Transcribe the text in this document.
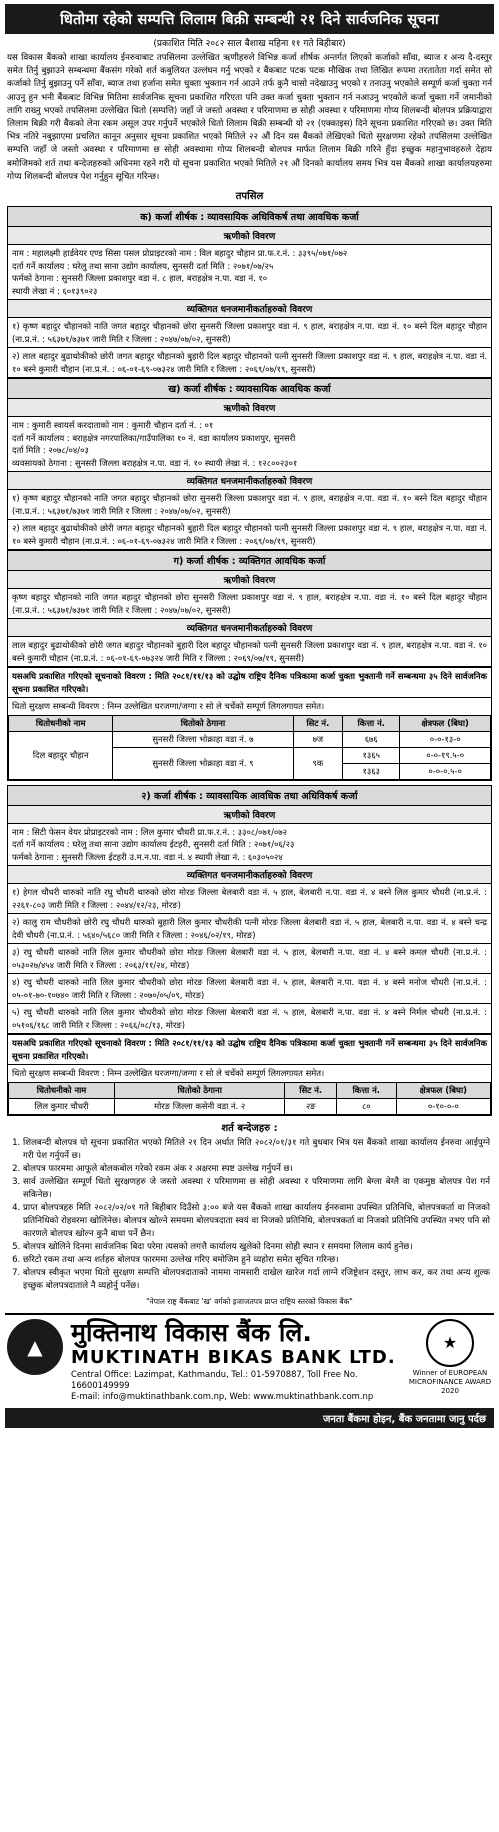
धितोमा रहेको सम्पत्ति लिलाम बिक्री सम्बन्धी २१ दिने सार्वजनिक सूचना
(प्रकाशित मिति २०८२ साल बैशाख महिना ११ गते बिहीबार)
यस विकास बैंकको शाखा कार्यालय ईनरुवाबाट तपसिलमा उल्लेखित ऋणीहरुले विभिन्न कर्जा शीर्षक अन्तर्गत लिएको कर्जाको साँवा, ब्याज र अन्य दै-दस्तुर समेत तिर्नु बुझाउने सम्बन्धमा बैंकसंग गरेको शर्त कबुलियत उल्लंघन गर्नु भएको र बैंकबाट पटक पटक मौखिक तथा लिखित रूपमा तरतातेता गर्दा समेत सो कर्जाको तिर्नु बुझाउनु पर्ने साँवा, ब्याज तथा हर्जाना समेत चुक्ता भुक्तान गर्न आउने तर्फ कुनै चासो नदेखाउनु भएको र तनाउनु भएकोले सम्पूर्ण कर्जा चुक्ता गर्न आउनु हुन भनी बैंकबाट विभिन्न मितिमा सार्वजनिक सूचना प्रकाशित गरिएता पनि उक्त कर्जा चुक्ता भुक्तान गर्न नआउनु भएकोले कर्जा चुक्ता गर्ने जमानीको लागि राख्नु भएको तपसिलमा उल्लेखित धितो (सम्पत्ति) जहाँ जे जस्तो अवस्था र परिमाणमा छ सोही अवस्था र परिमाणमा गोप्य शिलबन्दी बोलपत्र प्रक्रियाद्वारा लिलाम बिक्री गरी बैंकको लेना रकम असूल उपर गर्नुपर्ने भएकोले धितो लिलाम बिक्री सम्बन्धी यो २१ (एक्काइस) दिने सूचना प्रकाशित गरिएको छ। उक्त मिति भित्र नतिरे नबुझाएमा प्रचलित कानून अनुसार सूचना प्रकाशित भएको मितिले २२ औं दिन यस बैंकको लेखिएको धितो सुरक्षणमा रहेको तपसिलमा उल्लेखित सम्पत्ति जहाँ जे जस्तो अवस्था र परिमाणमा छ सोही अवस्थामा गोप्य शिलबन्दी बोलपत्र मार्फत लिलाम बिक्री गरिने हुँदा इच्छुक महानुभावहरुले देहाय बमोजिमको शर्त तथा बन्देजहरुको अधिनमा रहने गरी यो सूचना प्रकाशित भएको मितिले २१ औं दिनको कार्यालय समय भित्र यस बैंकको शाखा कार्यालयहरुमा गोप्य शिलबन्दी बोलपत्र पेश गर्नुहुन सूचित गरिन्छ।
तपसिल
क) कर्जा शीर्षक : व्यावसायिक अधिविकर्ष तथा आवधिक कर्जा
ऋणीको विवरण
नाम : महालक्ष्मी हार्डवेयर एण्ड सिसा पसल प्रोप्राइटरको नाम : विल बहादुर चौहान प्रा.फ.र.नं. : ३३९५/०७१/०७२
दर्ता गर्ने कार्यालय : घरेलु तथा साना उद्योग कार्यालय, सुनसरी दर्ता मिति : २०७१/०७/२५
फर्मको ठेगाना : सुनसरी जिल्ला प्रकाशपुर वडा नं. ८ हाल, बराहक्षेत्र न.पा. वडा नं. १०
स्थायी लेखा नं : ६०१३९०२३
व्यक्तिगत धनजमानीकर्ताहरुको विवरण
१) कृष्ण बहादुर चौहानको नाति जगत बहादुर चौहानको छोरा सुनसरी जिल्ला प्रकाशपुर वडा नं. ९ हाल, बराहक्षेत्र न.पा. वडा नं. १० बस्ने दिल बहादुर चौहान (ना.प्र.नं. : ५६३७१/७३७१ जारी मिति र जिल्ला : २०४७/०७/०२, सुनसरी)
२) लाल बहादुर बुढाथोकीको छोरी जगत बहादुर चौहानको बुहारी दिल बहादुर चौहानको पत्नी सुनसरी जिल्ला प्रकाशपुर वडा नं. ९ हाल, बराहक्षेत्र न.पा. वडा नं. १० बस्ने कुमारी चौहान (ना.प्र.नं. : ०६-०१-६९-०७३२४ जारी मिति र जिल्ला : २०६९/०७/१९, सुनसरी)
ख) कर्जा शीर्षक : व्यावसायिक आवधिक कर्जा
ऋणीको विवरण
नाम : कुमारी स्वायर्स करदाताको नाम : कुमारी चौहान दर्ता नं. : ०१
दर्ता गर्ने कार्यालय : बराहक्षेत्र नगरपालिका/गाउँपालिका १० नं. वडा कार्यालय प्रकाशपुर, सुनसरी
दर्ता मिति : २०७८/०४/०३
व्यवसायको ठेगाना : सुनसरी जिल्ला बराहक्षेत्र न.पा. वडा नं. १० स्थायी लेखा नं. : १२८००२३०१
व्यक्तिगत धनजमानीकर्ताहरुको विवरण
१) कृष्ण बहादुर चौहानको नाति जगत बहादुर चौहानको छोरा सुनसरी जिल्ला प्रकाशपुर वडा नं. ९ हाल, बराहक्षेत्र न.पा. वडा नं. १० बस्ने दिल बहादुर चौहान (ना.प्र.नं. : ५६३७१/७३७१ जारी मिति र जिल्ला : २०४७/०७/०२, सुनसरी)
२) लाल बहादुर बुढाथोकीको छोरी जगत बहादुर चौहानको बुहारी दिल बहादुर चौहानको पत्नी सुनसरी जिल्ला प्रकाशपुर वडा नं. ९ हाल, बराहक्षेत्र न.पा. वडा नं. १० बस्ने कुमारी चौहान (ना.प्र.नं. : ०६-०१-६९-०७३२४ जारी मिति र जिल्ला : २०६९/०७/१९, सुनसरी)
ग) कर्जा शीर्षक : व्यक्तिगत आवधिक कर्जा
ऋणीको विवरण
कृष्ण बहादुर चौहानको नाति जगत बहादुर चौहानको छोरा सुनसरी जिल्ला प्रकाशपुर वडा नं. ९ हाल, बराहक्षेत्र न.पा. वडा नं. १० बस्ने दिल बहादुर चौहान (ना.प्र.नं. : ५६३७१/७३७१ जारी मिति र जिल्ला : २०४७/०७/०२, सुनसरी)
व्यक्तिगत धनजमानीकर्ताहरुको विवरण
लाल बहादुर बुढाथोकीको छोरी जगत बहादुर चौहानको बुहारी दिल बहादुर चौहानको पत्नी सुनसरी जिल्ला प्रकाशपुर वडा नं. ९ हाल, बराहक्षेत्र न.पा. वडा नं. १० बस्ने कुमारी चौहान (ना.प्र.नं. : ०६-०१-६९-०७३२४ जारी मिति र जिल्ला : २०६९/०७/१९, सुनसरी)
यसअघि प्रकाशित गरिएको सूचनाको विवरण : मिति २०८१/११/१३ को उद्घोष राष्ट्रिय दैनिक पत्रिकामा कर्जा चुक्ता भुक्तानी गर्ने सम्बन्धमा ३५ दिने सार्वजनिक सूचना प्रकाशित गरिएको।
धितो सुरक्षण सम्बन्धी विवरण : निम्न उल्लेखित घरजग्गा/जग्गा र सो ले चर्चेको सम्पूर्ण लिगलगायत समेत।
धितोधनीको नाम	धितोको ठेगाना	सिट नं.	कित्ता नं.	क्षेत्रफल (बिघा)
दिल बहादुर चौहान	सुनसरी जिल्ला भोक्राहा वडा नं. ७	७ज	६७६	०-०-१३-०
	सुनसरी जिल्ला भोक्राहा वडा नं. ९	९क	१३६५	०-०-१९.५-०
			१३६३	०-०-०.५-०
२) कर्जा शीर्षक : व्यावसायिक आवधिक तथा अधिविकर्ष कर्जा
ऋणीको विवरण
नाम : सिटी फेसन वेयर प्रोप्राइटरको नाम : लिल कुमार चौधरी प्रा.फ.र.नं. : ३३०८/०७१/०७२
दर्ता गर्ने कार्यालय : घरेलु तथा साना उद्योग कार्यालय ईटहरी, सुनसरी दर्ता मिति : २०७१/०६/२३
फर्मको ठेगाना : सुनसरी जिल्ला ईटहरी उ.म.न.पा. वडा नं. ४ स्थायी लेखा नं. : ६०३०५०२४
व्यक्तिगत धनजमानीकर्ताहरुको विवरण
१) हेगल चौधरी थारुको नाति रघु चौधरी थारुको छोरा मोरङ जिल्ला बेलबारी वडा नं. ५ हाल, बेलबारी न.पा. वडा नं. ४ बस्ने लिल कुमार चौधरी (ना.प्र.नं. : २२६१-८०३ जारी मिति र जिल्ला : २०४४/१२/२३, मोरङ)
२) कालु राम चौधरीको छोरी रघु चौधरी थारुको बुहारी लिल कुमार चौधरीकी पत्नी मोरङ जिल्ला बेलबारी वडा नं. ५ हाल, बेलबारी न.पा. वडा नं. ४ बस्ने चन्द्र देवी चौधरी (ना.प्र.नं. : ५६४०/५६८० जारी मिति र जिल्ला : २०४६/०२/१९, मोरङ)
३) रघु चौधरी थारुको नाति लिल कुमार चौधरीको छोरा मोरङ जिल्ला बेलबारी वडा नं. ५ हाल, बेलबारी न.पा. वडा नं. ४ बस्ने कमल चौधरी (ना.प्र.नं. : ०५३०२७/४५४ जारी मिति र जिल्ला : २०६३/११/२४, मोरङ)
४) रघु चौधरी थारुको नाति लिल कुमार चौधरीको छोरा मोरङ जिल्ला बेलबारी वडा नं. ५ हाल, बेलबारी न.पा. वडा नं. ४ बस्ने मनोज चौधरी (ना.प्र.नं. : ०५-०१-७०-१०७४० जारी मिति र जिल्ला : २०७०/०५/०९, मोरङ)
५) रघु चौधरी थारुको नाति लिल कुमार चौधरीको छोरा मोरङ जिल्ला बेलबारी वडा नं. ५ हाल, बेलबारी न.पा. वडा नं. ४ बस्ने निर्मल चौधरी (ना.प्र.नं. : ०५१०६/१६८ जारी मिति र जिल्ला : २०६६/०८/१३, मोरङ)
यसअघि प्रकाशित गरिएको सूचनाको विवरण : मिति २०८१/११/१३ को उद्घोष राष्ट्रिय दैनिक पत्रिकामा कर्जा चुक्ता भुक्तानी गर्ने सम्बन्धमा ३५ दिने सार्वजनिक सूचना प्रकाशित गरिएको।
धितो सुरक्षण सम्बन्धी विवरण : निम्न उल्लेखित घरजग्गा/जग्गा र सो ले चर्चेको सम्पूर्ण लिगलगायत समेत।
धितोधनीको नाम	धितोको ठेगाना	सिट नं.	कित्ता नं.	क्षेत्रफल (बिघा)
लिल कुमार चौधरी	मोरङ जिल्ला कसेनी वडा नं. २	२ङ	८०	०-१०-०-०
शर्त बन्देजहरु :
1. शिलबन्दी बोलपत्र यो सूचना प्रकाशित भएको मितिले २१ दिन अर्थात मिति २०८२/०१/३१ गते बुधबार भित्र यस बैंकको शाखा कार्यालय ईनरुवा आईपुग्ने गरी पेश गर्नुपर्ने छ।
2. बोलपत्र फारममा आफूले बोलकबोल गरेको रकम अंक र अक्षरमा स्पष्ट उल्लेख गर्नुपर्ने छ।
3. सार्व उल्लेखित सम्पूर्ण धितो सुरक्षणहरु जे जस्तो अवस्था र परिमाणमा छ सोही अवस्था र परिमाणमा लागि बेग्ला बेग्लै वा एकमुष्ठ बोलपत्र पेश गर्न सकिनेछ।
4. प्राप्त बोलपत्रहरु मिति २०८२/०२/०१ गते बिहीबार दिउँसो ३:०० बजे यस बैंकको शाखा कार्यालय ईनरुवामा उपस्थित प्रतिनिधि, बोलपत्रकर्ता वा निजको प्रतिनिधिको रोहवरमा खोलिनेछ। बोलपत्र खोल्ने समयमा बोलपत्रदाता स्वयं वा निजको प्रतिनिधि, बोलपत्रकर्ता वा निजको प्रतिनिधि उपस्थित नभए पनि सो कारणले बोलपत्र खोल्न कुनै बाधा पर्ने छैन।
5. बोलपत्र खोलिने दिनमा सार्वजनिक बिदा परेमा त्यसको लगत्तै कार्यालय खुलेको दिनमा सोही स्थान र समयमा लिलाम कार्य हुनेछ।
6. छरिटो रकम तथा अन्य शर्तहरु बोलपत्र फारममा उल्लेख गरिए बमोजिम हुने व्यहोरा समेत सूचित गरिन्छ।
7. बोलपत्र स्वीकृत भएमा धितो सुरक्षण सम्पत्ति बोलपत्रदाताको नाममा नामसारी दाखेल खारेज गर्दा लाग्ने रजिष्ट्रेशन दस्तुर, लाभ कर, कर तथा अन्य शुल्क इच्छुक बोलपत्रदाताले नै व्यहोर्नु पर्नेछ।
"नेपाल राष्ट्र बैंकबाट 'ख' वर्गको इजाजतपत्र प्राप्त राष्ट्रिय स्तरको विकास बैंक"
▲	मुक्तिनाथ विकास बैंक लि.
MUKTINATH BIKAS BANK LTD.
Central Office: Lazimpat, Kathmandu, Tel.: 01-5970887, Toll Free No. 16600149999
E-mail: info@muktinathbank.com.np, Web: www.muktinathbank.com.np
★
Winner of EUROPEAN MICROFINANCE AWARD 2020
जनता बैंकमा होइन, बैंक जनतामा जानु पर्दछ
